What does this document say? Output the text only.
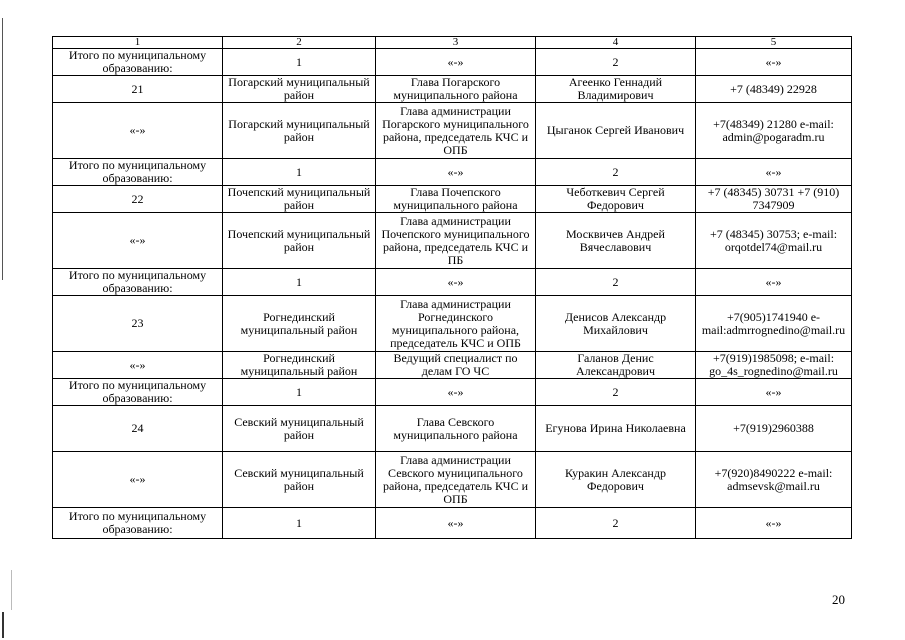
1	2	3	4	5
Итого по муниципальному образованию:	1	«-»	2	«-»
21	Погарский муниципальный район	Глава Погарского муниципального района	Агеенко Геннадий Владимирович	+7 (48349) 22928
«-»	Погарский муниципальный район	Глава администрации Погарского муниципального района, председатель КЧС и ОПБ	Цыганок Сергей Иванович	+7(48349) 21280 e-mail: admin@pogaradm.ru
Итого по муниципальному образованию:	1	«-»	2	«-»
22	Почепский муниципальный район	Глава Почепского муниципального района	Чеботкевич Сергей Федорович	+7 (48345) 30731 +7 (910) 7347909
«-»	Почепский муниципальный район	Глава администрации Почепского муниципального района, председатель КЧС и ПБ	Москвичев Андрей Вячеславович	+7 (48345) 30753; e-mail: orqotdel74@mail.ru
Итого по муниципальному образованию:	1	«-»	2	«-»
23	Рогнединский муниципальный район	Глава администрации Рогнединского муниципального района, председатель КЧС и ОПБ	Денисов Александр Михайлович	+7(905)1741940 e-mail:admrrognedino@mail.ru
«-»	Рогнединский муниципальный район	Ведущий специалист по делам ГО ЧС	Галанов Денис Александрович	+7(919)1985098; e-mail: go_4s_rognedino@mail.ru
Итого по муниципальному образованию:	1	«-»	2	«-»
24	Севский муниципальный район	Глава Севского муниципального района	Егунова Ирина Николаевна	+7(919)2960388
«-»	Севский муниципальный район	Глава администрации Севского муниципального района, председатель КЧС и ОПБ	Куракин Александр Федорович	+7(920)8490222 e-mail: admsevsk@mail.ru
Итого по муниципальному образованию:	1	«-»	2	«-»
20
